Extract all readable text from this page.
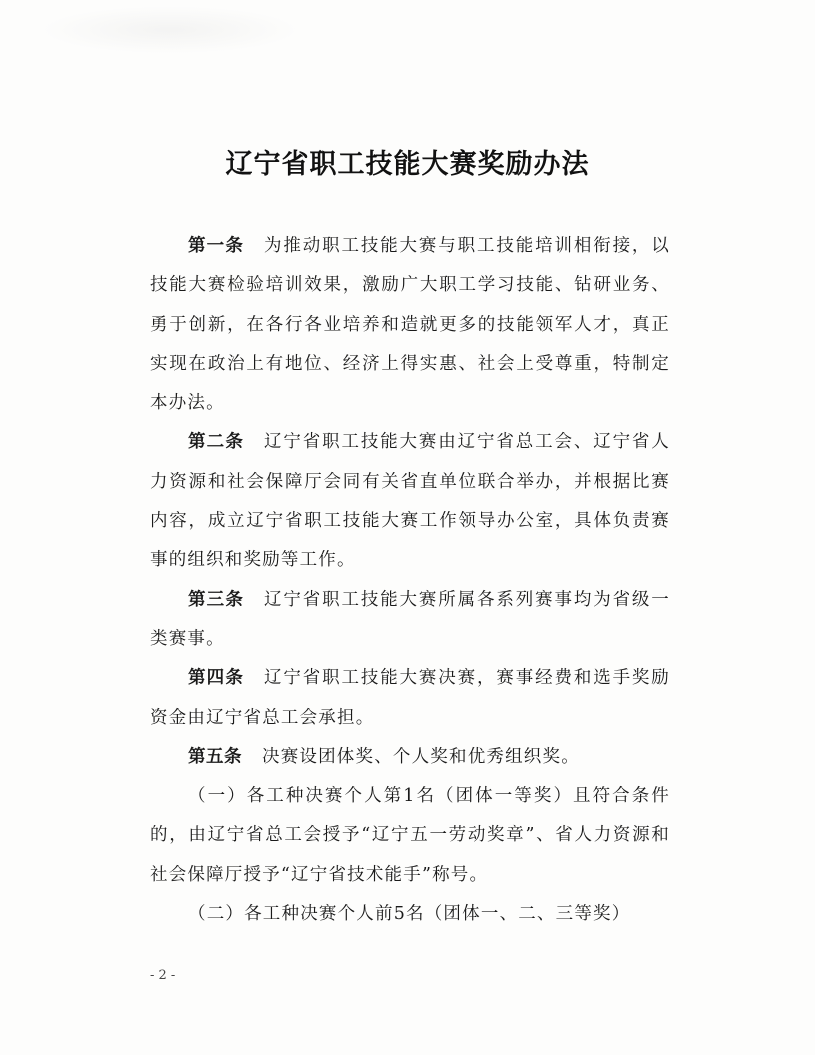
辽宁省职工技能大赛奖励办法

第一条 为推动职工技能大赛与职工技能培训相衔接，以技能大赛检验培训效果，激励广大职工学习技能、钻研业务、勇于创新，在各行各业培养和造就更多的技能领军人才，真正实现在政治上有地位、经济上得实惠、社会上受尊重，特制定本办法。

第二条 辽宁省职工技能大赛由辽宁省总工会、辽宁省人力资源和社会保障厅会同有关省直单位联合举办，并根据比赛内容，成立辽宁省职工技能大赛工作领导办公室，具体负责赛事的组织和奖励等工作。

第三条 辽宁省职工技能大赛所属各系列赛事均为省级一类赛事。

第四条 辽宁省职工技能大赛决赛，赛事经费和选手奖励资金由辽宁省总工会承担。

第五条 决赛设团体奖、个人奖和优秀组织奖。

（一）各工种决赛个人第1名（团体一等奖）且符合条件的，由辽宁省总工会授予“辽宁五一劳动奖章”、省人力资源和社会保障厅授予“辽宁省技术能手”称号。

（二）各工种决赛个人前5名（团体一、二、三等奖）

- 2 -
